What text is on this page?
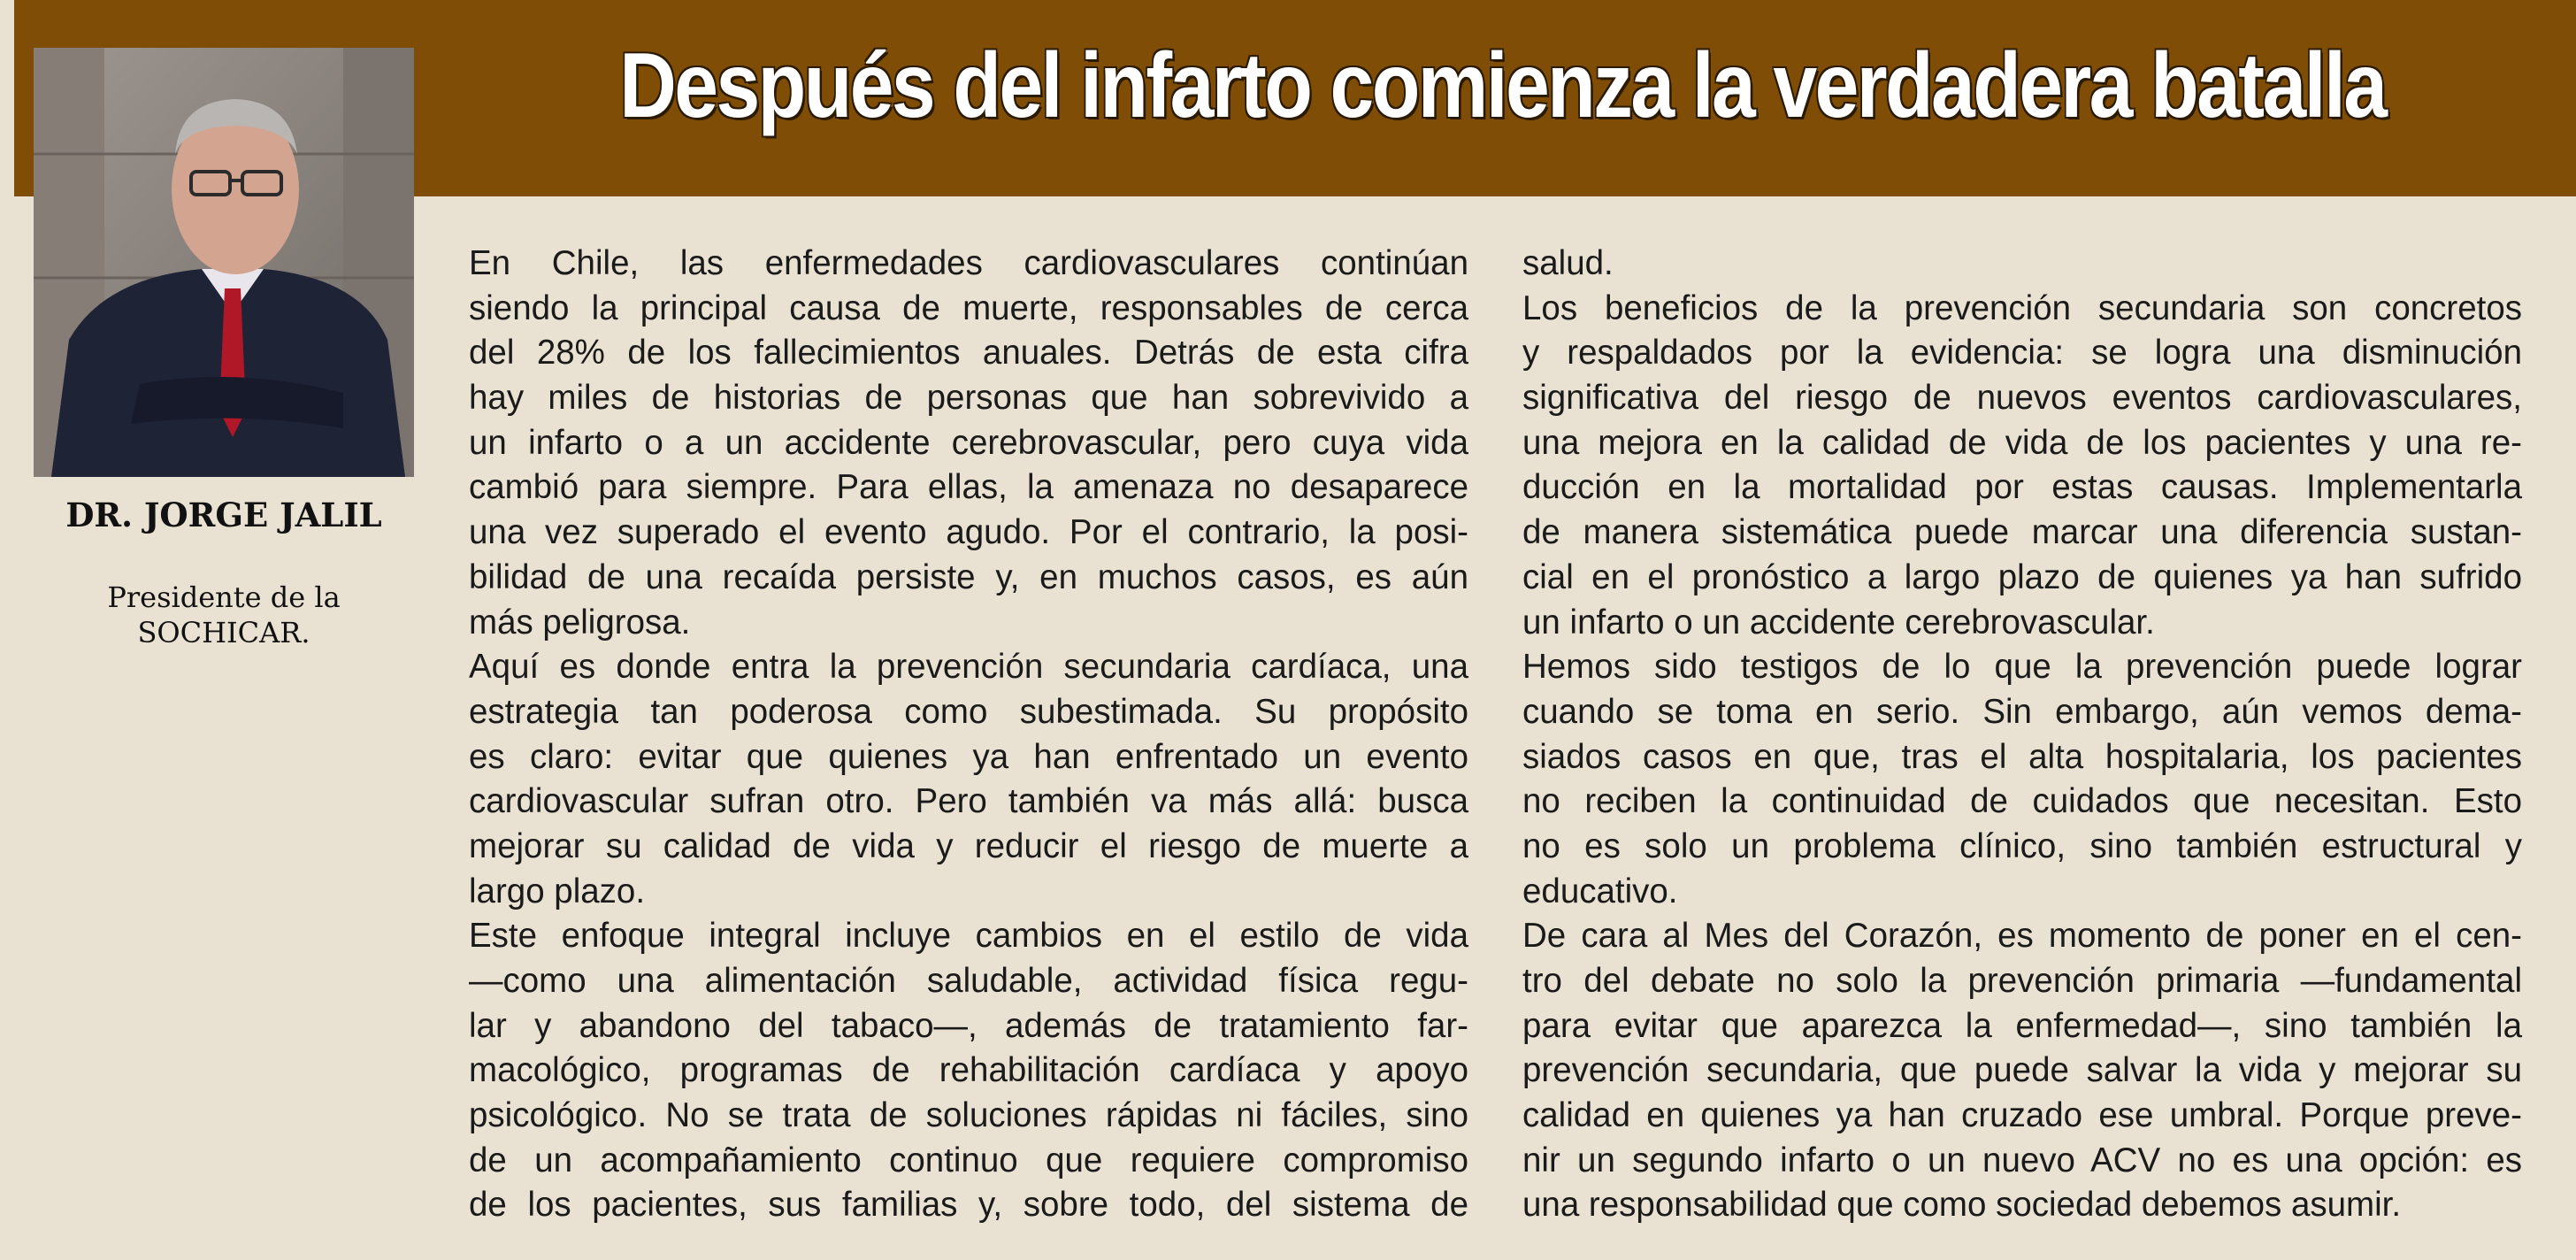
Después del infarto comienza la verdadera batalla
DR. JORGE JALIL
Presidente de la
SOCHICAR.
En Chile, las enfermedades cardiovasculares continúan
siendo la principal causa de muerte, responsables de cerca
del 28% de los fallecimientos anuales. Detrás de esta cifra
hay miles de historias de personas que han sobrevivido a
un infarto o a un accidente cerebrovascular, pero cuya vida
cambió para siempre. Para ellas, la amenaza no desaparece
una vez superado el evento agudo. Por el contrario, la posi-
bilidad de una recaída persiste y, en muchos casos, es aún
más peligrosa.
Aquí es donde entra la prevención secundaria cardíaca, una
estrategia tan poderosa como subestimada. Su propósito
es claro: evitar que quienes ya han enfrentado un evento
cardiovascular sufran otro. Pero también va más allá: busca
mejorar su calidad de vida y reducir el riesgo de muerte a
largo plazo.
Este enfoque integral incluye cambios en el estilo de vida
—como una alimentación saludable, actividad física regu-
lar y abandono del tabaco—, además de tratamiento far-
macológico, programas de rehabilitación cardíaca y apoyo
psicológico. No se trata de soluciones rápidas ni fáciles, sino
de un acompañamiento continuo que requiere compromiso
de los pacientes, sus familias y, sobre todo, del sistema de
salud.
Los beneficios de la prevención secundaria son concretos
y respaldados por la evidencia: se logra una disminución
significativa del riesgo de nuevos eventos cardiovasculares,
una mejora en la calidad de vida de los pacientes y una re-
ducción en la mortalidad por estas causas. Implementarla
de manera sistemática puede marcar una diferencia sustan-
cial en el pronóstico a largo plazo de quienes ya han sufrido
un infarto o un accidente cerebrovascular.
Hemos sido testigos de lo que la prevención puede lograr
cuando se toma en serio. Sin embargo, aún vemos dema-
siados casos en que, tras el alta hospitalaria, los pacientes
no reciben la continuidad de cuidados que necesitan. Esto
no es solo un problema clínico, sino también estructural y
educativo.
De cara al Mes del Corazón, es momento de poner en el cen-
tro del debate no solo la prevención primaria —fundamental
para evitar que aparezca la enfermedad—, sino también la
prevención secundaria, que puede salvar la vida y mejorar su
calidad en quienes ya han cruzado ese umbral. Porque preve-
nir un segundo infarto o un nuevo ACV no es una opción: es
una responsabilidad que como sociedad debemos asumir.
